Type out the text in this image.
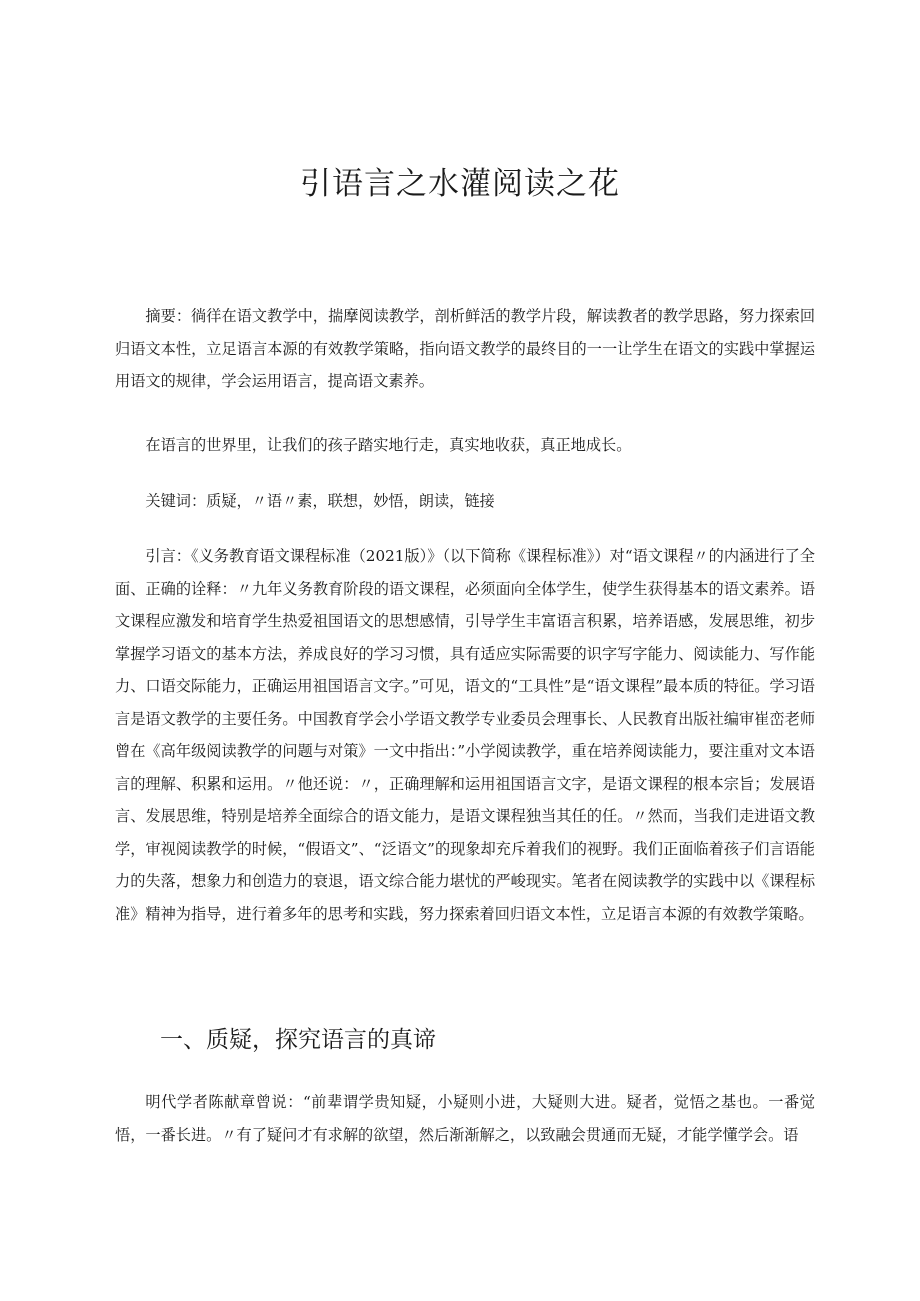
引语言之水灌阅读之花

摘要：徜徉在语文教学中，揣摩阅读教学，剖析鲜活的教学片段，解读教者的教学思路，努力探索回归语文本性，立足语言本源的有效教学策略，指向语文教学的最终目的一一让学生在语文的实践中掌握运用语文的规律，学会运用语言，提高语文素养。

在语言的世界里，让我们的孩子踏实地行走，真实地收获，真正地成长。

关键词：质疑，〃语〃素，联想，妙悟，朗读，链接

引言：《义务教育语文课程标准（2021版）》（以下简称《课程标准》）对“语文课程〃的内涵进行了全面、正确的诠释：〃九年义务教育阶段的语文课程，必须面向全体学生，使学生获得基本的语文素养。语文课程应激发和培育学生热爱祖国语文的思想感情，引导学生丰富语言积累，培养语感，发展思维，初步掌握学习语文的基本方法，养成良好的学习习惯，具有适应实际需要的识字写字能力、阅读能力、写作能力、口语交际能力，正确运用祖国语言文字。”可见，语文的“工具性”是“语文课程”最本质的特征。学习语言是语文教学的主要任务。中国教育学会小学语文教学专业委员会理事长、人民教育出版社编审崔峦老师曾在《高年级阅读教学的问题与对策》一文中指出：”小学阅读教学，重在培养阅读能力，要注重对文本语言的理解、积累和运用。〃他还说：〃，正确理解和运用祖国语言文字，是语文课程的根本宗旨；发展语言、发展思维，特别是培养全面综合的语文能力，是语文课程独当其任的任。〃然而，当我们走进语文教学，审视阅读教学的时候，“假语文”、“泛语文”的现象却充斥着我们的视野。我们正面临着孩子们言语能力的失落，想象力和创造力的衰退，语文综合能力堪忧的严峻现实。笔者在阅读教学的实践中以《课程标准》精神为指导，进行着多年的思考和实践，努力探索着回归语文本性，立足语言本源的有效教学策略。

一、质疑，探究语言的真谛

明代学者陈献章曾说：“前辈谓学贵知疑，小疑则小进，大疑则大进。疑者，觉悟之基也。一番觉悟，一番长进。〃有了疑问才有求解的欲望，然后渐渐解之，以致融会贯通而无疑，才能学懂学会。语
